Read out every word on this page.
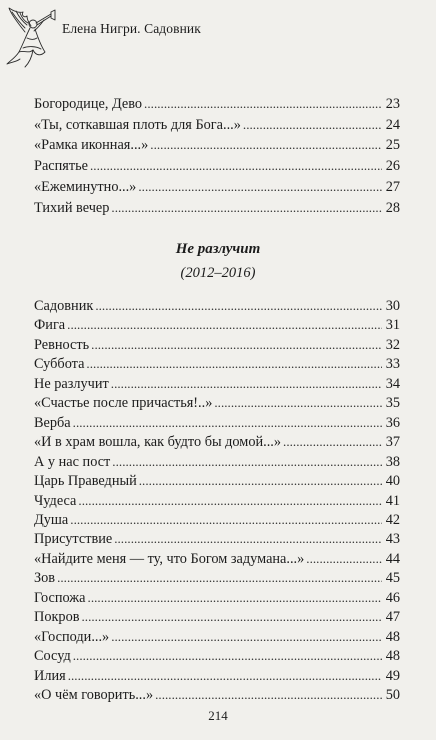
Елена Нигри. Садовник
Богородице, Дево . . .	23
«Ты, соткавшая плоть для Бога...» . . .	24
«Рамка иконная...» . . .	25
Распятье . . .	26
«Ежеминутно...» . . .	27
Тихий вечер . . .	28
Не разлучит
(2012–2016)
Садовник . . .	30
Фига . . .	31
Ревность . . .	32
Суббота . . .	33
Не разлучит . . .	34
«Счастье после причастья!..» . . .	35
Верба . . .	36
«И в храм вошла, как будто бы домой...» . . .	37
А у нас пост . . .	38
Царь Праведный . . .	40
Чудеса . . .	41
Душа . . .	42
Присутствие . . .	43
«Найдите меня — ту, что Богом задумана...» . . .	44
Зов . . .	45
Госпожа . . .	46
Покров . . .	47
«Господи...» . . .	48
Сосуд . . .	48
Илия . . .	49
«О чём говорить...» . . .	50
214
